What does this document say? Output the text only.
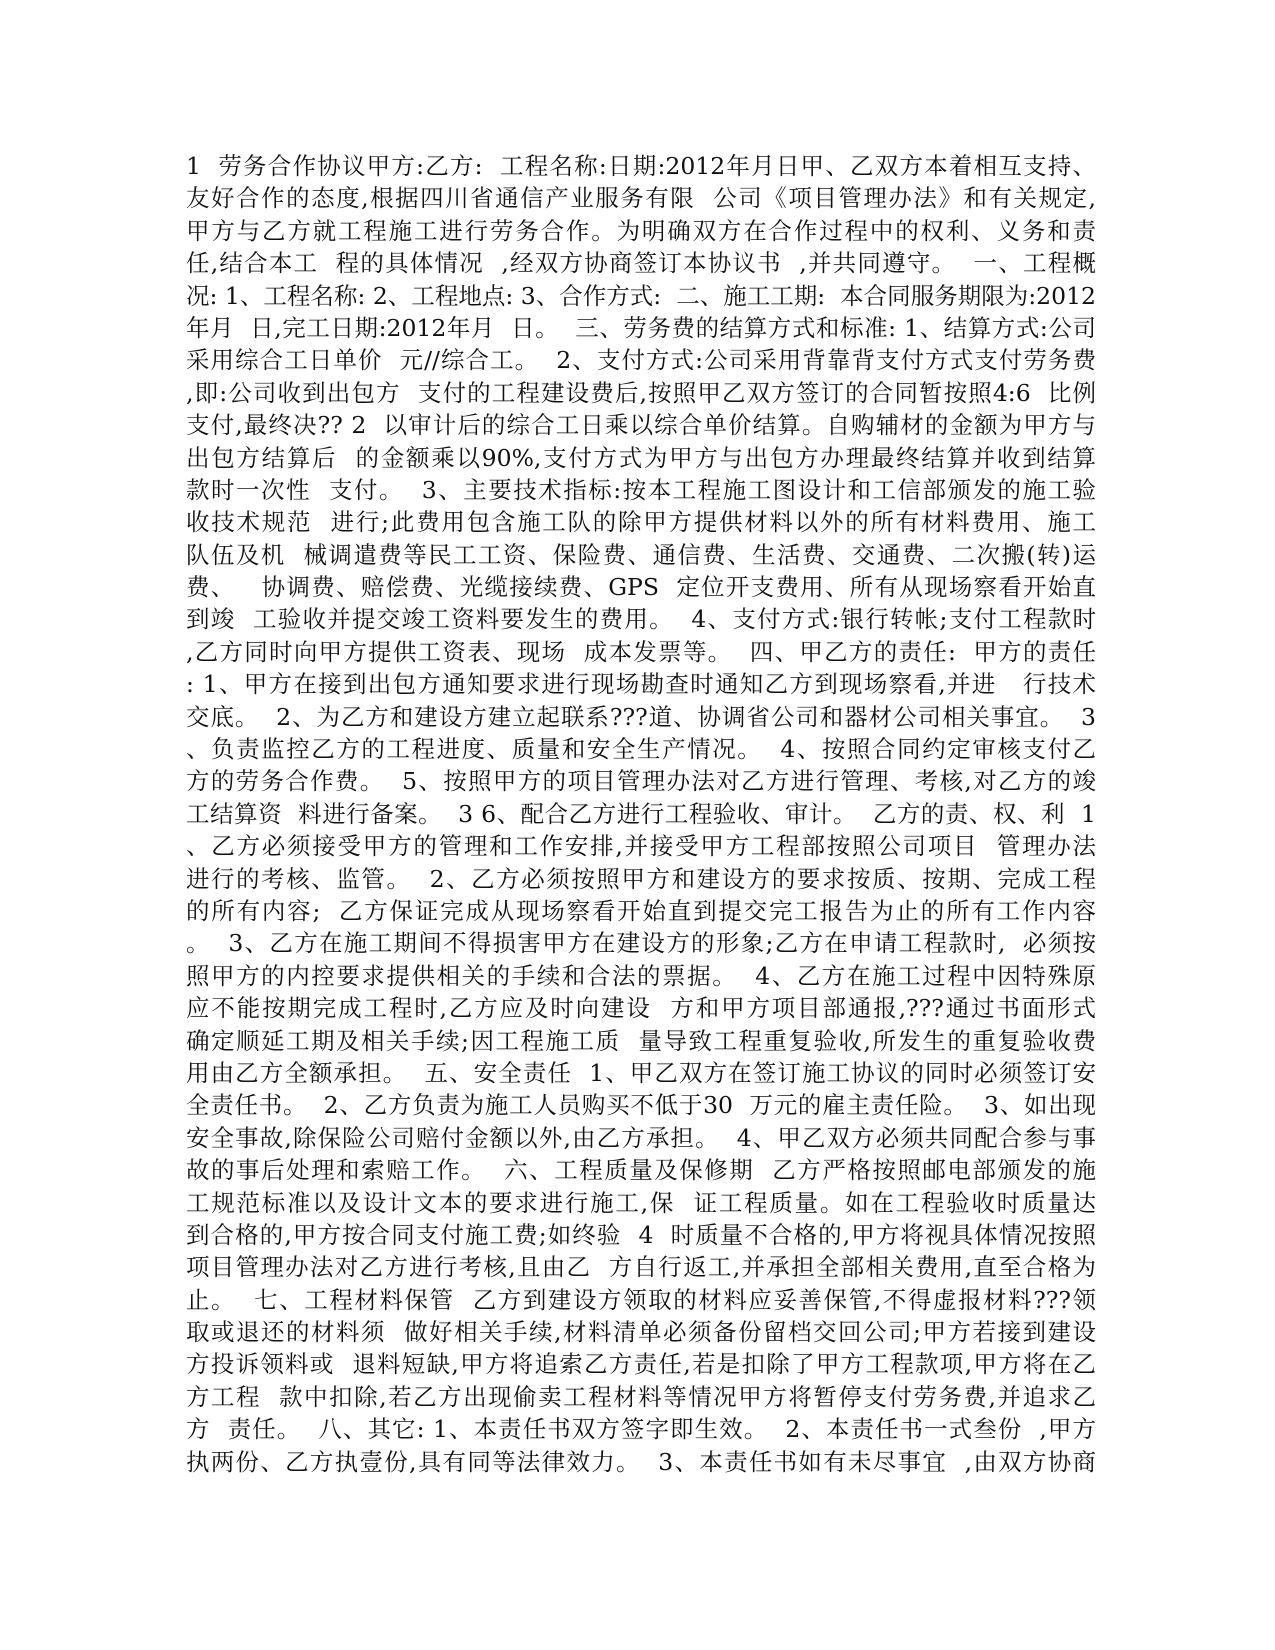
1  劳务合作协议甲方:乙方:  工程名称:日期:2012年月日甲、乙双方本着相互支持、
友好合作的态度,根据四川省通信产业服务有限  公司《项目管理办法》和有关规定,
甲方与乙方就工程施工进行劳务合作。为明确双方在合作过程中的权利、义务和责
任,结合本工  程的具体情况  ,经双方协商签订本协议书  ,并共同遵守。  一、工程概
况: 1、工程名称: 2、工程地点: 3、合作方式:  二、施工工期:  本合同服务期限为:2012
年月  日,完工日期:2012年月  日。  三、劳务费的结算方式和标准: 1、结算方式:公司
采用综合工日单价  元//综合工。  2、支付方式:公司采用背靠背支付方式支付劳务费
,即:公司收到出包方  支付的工程建设费后,按照甲乙双方签订的合同暂按照4:6  比例
支付,最终决?? 2  以审计后的综合工日乘以综合单价结算。自购辅材的金额为甲方与
出包方结算后  的金额乘以90%,支付方式为甲方与出包方办理最终结算并收到结算
款时一次性  支付。  3、主要技术指标:按本工程施工图设计和工信部颁发的施工验
收技术规范  进行;此费用包含施工队的除甲方提供材料以外的所有材料费用、施工
队伍及机  械调遣费等民工工资、保险费、通信费、生活费、交通费、二次搬(转)运
费、   协调费、赔偿费、光缆接续费、GPS  定位开支费用、所有从现场察看开始直
到竣  工验收并提交竣工资料要发生的费用。  4、支付方式:银行转帐;支付工程款时
,乙方同时向甲方提供工资表、现场  成本发票等。  四、甲乙方的责任:  甲方的责任
: 1、甲方在接到出包方通知要求进行现场勘查时通知乙方到现场察看,并进   行技术
交底。  2、为乙方和建设方建立起联系???道、协调省公司和器材公司相关事宜。  3
、负责监控乙方的工程进度、质量和安全生产情况。  4、按照合同约定审核支付乙
方的劳务合作费。  5、按照甲方的项目管理办法对乙方进行管理、考核,对乙方的竣
工结算资  料进行备案。  3 6、配合乙方进行工程验收、审计。  乙方的责、权、利  1
、乙方必须接受甲方的管理和工作安排,并接受甲方工程部按照公司项目  管理办法
进行的考核、监管。  2、乙方必须按照甲方和建设方的要求按质、按期、完成工程
的所有内容;  乙方保证完成从现场察看开始直到提交完工报告为止的所有工作内容
。  3、乙方在施工期间不得损害甲方在建设方的形象;乙方在申请工程款时,  必须按
照甲方的内控要求提供相关的手续和合法的票据。  4、乙方在施工过程中因特殊原
应不能按期完成工程时,乙方应及时向建设  方和甲方项目部通报,???通过书面形式
确定顺延工期及相关手续;因工程施工质  量导致工程重复验收,所发生的重复验收费
用由乙方全额承担。  五、安全责任  1、甲乙双方在签订施工协议的同时必须签订安
全责任书。  2、乙方负责为施工人员购买不低于30  万元的雇主责任险。  3、如出现
安全事故,除保险公司赔付金额以外,由乙方承担。  4、甲乙双方必须共同配合参与事
故的事后处理和索赔工作。  六、工程质量及保修期  乙方严格按照邮电部颁发的施
工规范标准以及设计文本的要求进行施工,保  证工程质量。如在工程验收时质量达
到合格的,甲方按合同支付施工费;如终验  4  时质量不合格的,甲方将视具体情况按照
项目管理办法对乙方进行考核,且由乙  方自行返工,并承担全部相关费用,直至合格为
止。  七、工程材料保管  乙方到建设方领取的材料应妥善保管,不得虚报材料???领
取或退还的材料须  做好相关手续,材料清单必须备份留档交回公司;甲方若接到建设
方投诉领料或  退料短缺,甲方将追索乙方责任,若是扣除了甲方工程款项,甲方将在乙
方工程  款中扣除,若乙方出现偷卖工程材料等情况甲方将暂停支付劳务费,并追求乙
方  责任。  八、其它: 1、本责任书双方签字即生效。  2、本责任书一式叁份  ,甲方
执两份、乙方执壹份,具有同等法律效力。  3、本责任书如有未尽事宜  ,由双方协商
